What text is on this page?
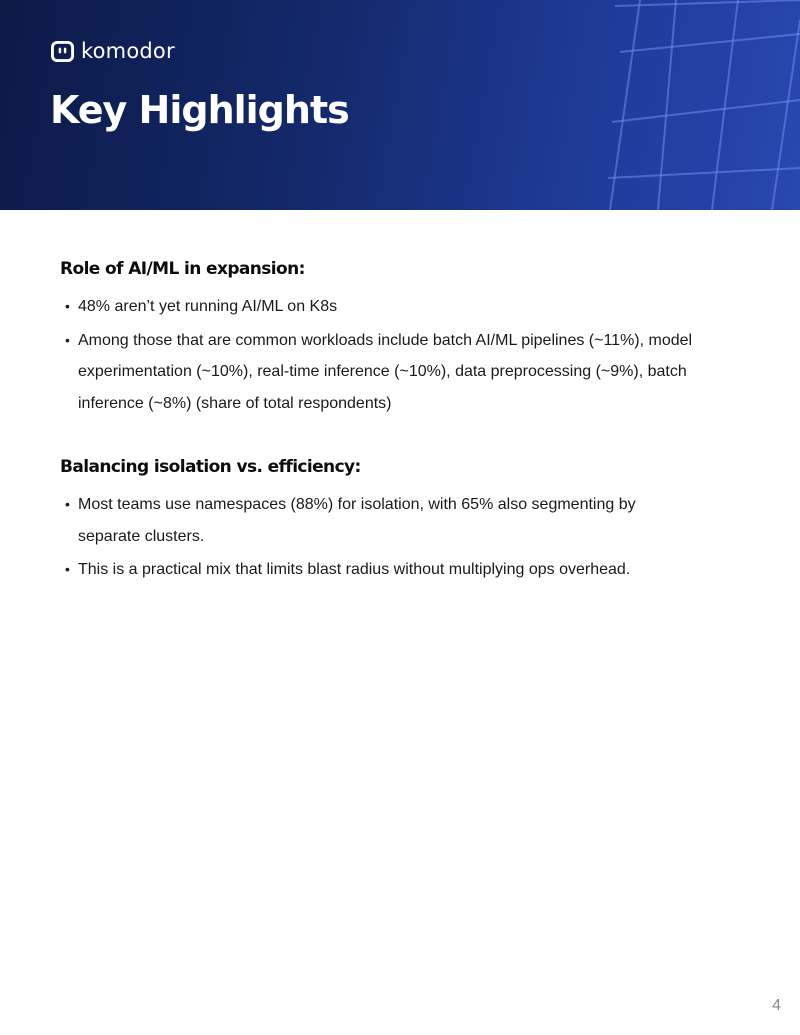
komodor
Key Highlights
Role of AI/ML in expansion:
• 48% aren’t yet running AI/ML on K8s
• Among those that are common workloads include batch AI/ML pipelines (~11%), model experimentation (~10%), real-time inference (~10%), data preprocessing (~9%), batch inference (~8%) (share of total respondents)
Balancing isolation vs. efficiency:
• Most teams use namespaces (88%) for isolation, with 65% also segmenting by separate clusters.
• This is a practical mix that limits blast radius without multiplying ops overhead.
4
